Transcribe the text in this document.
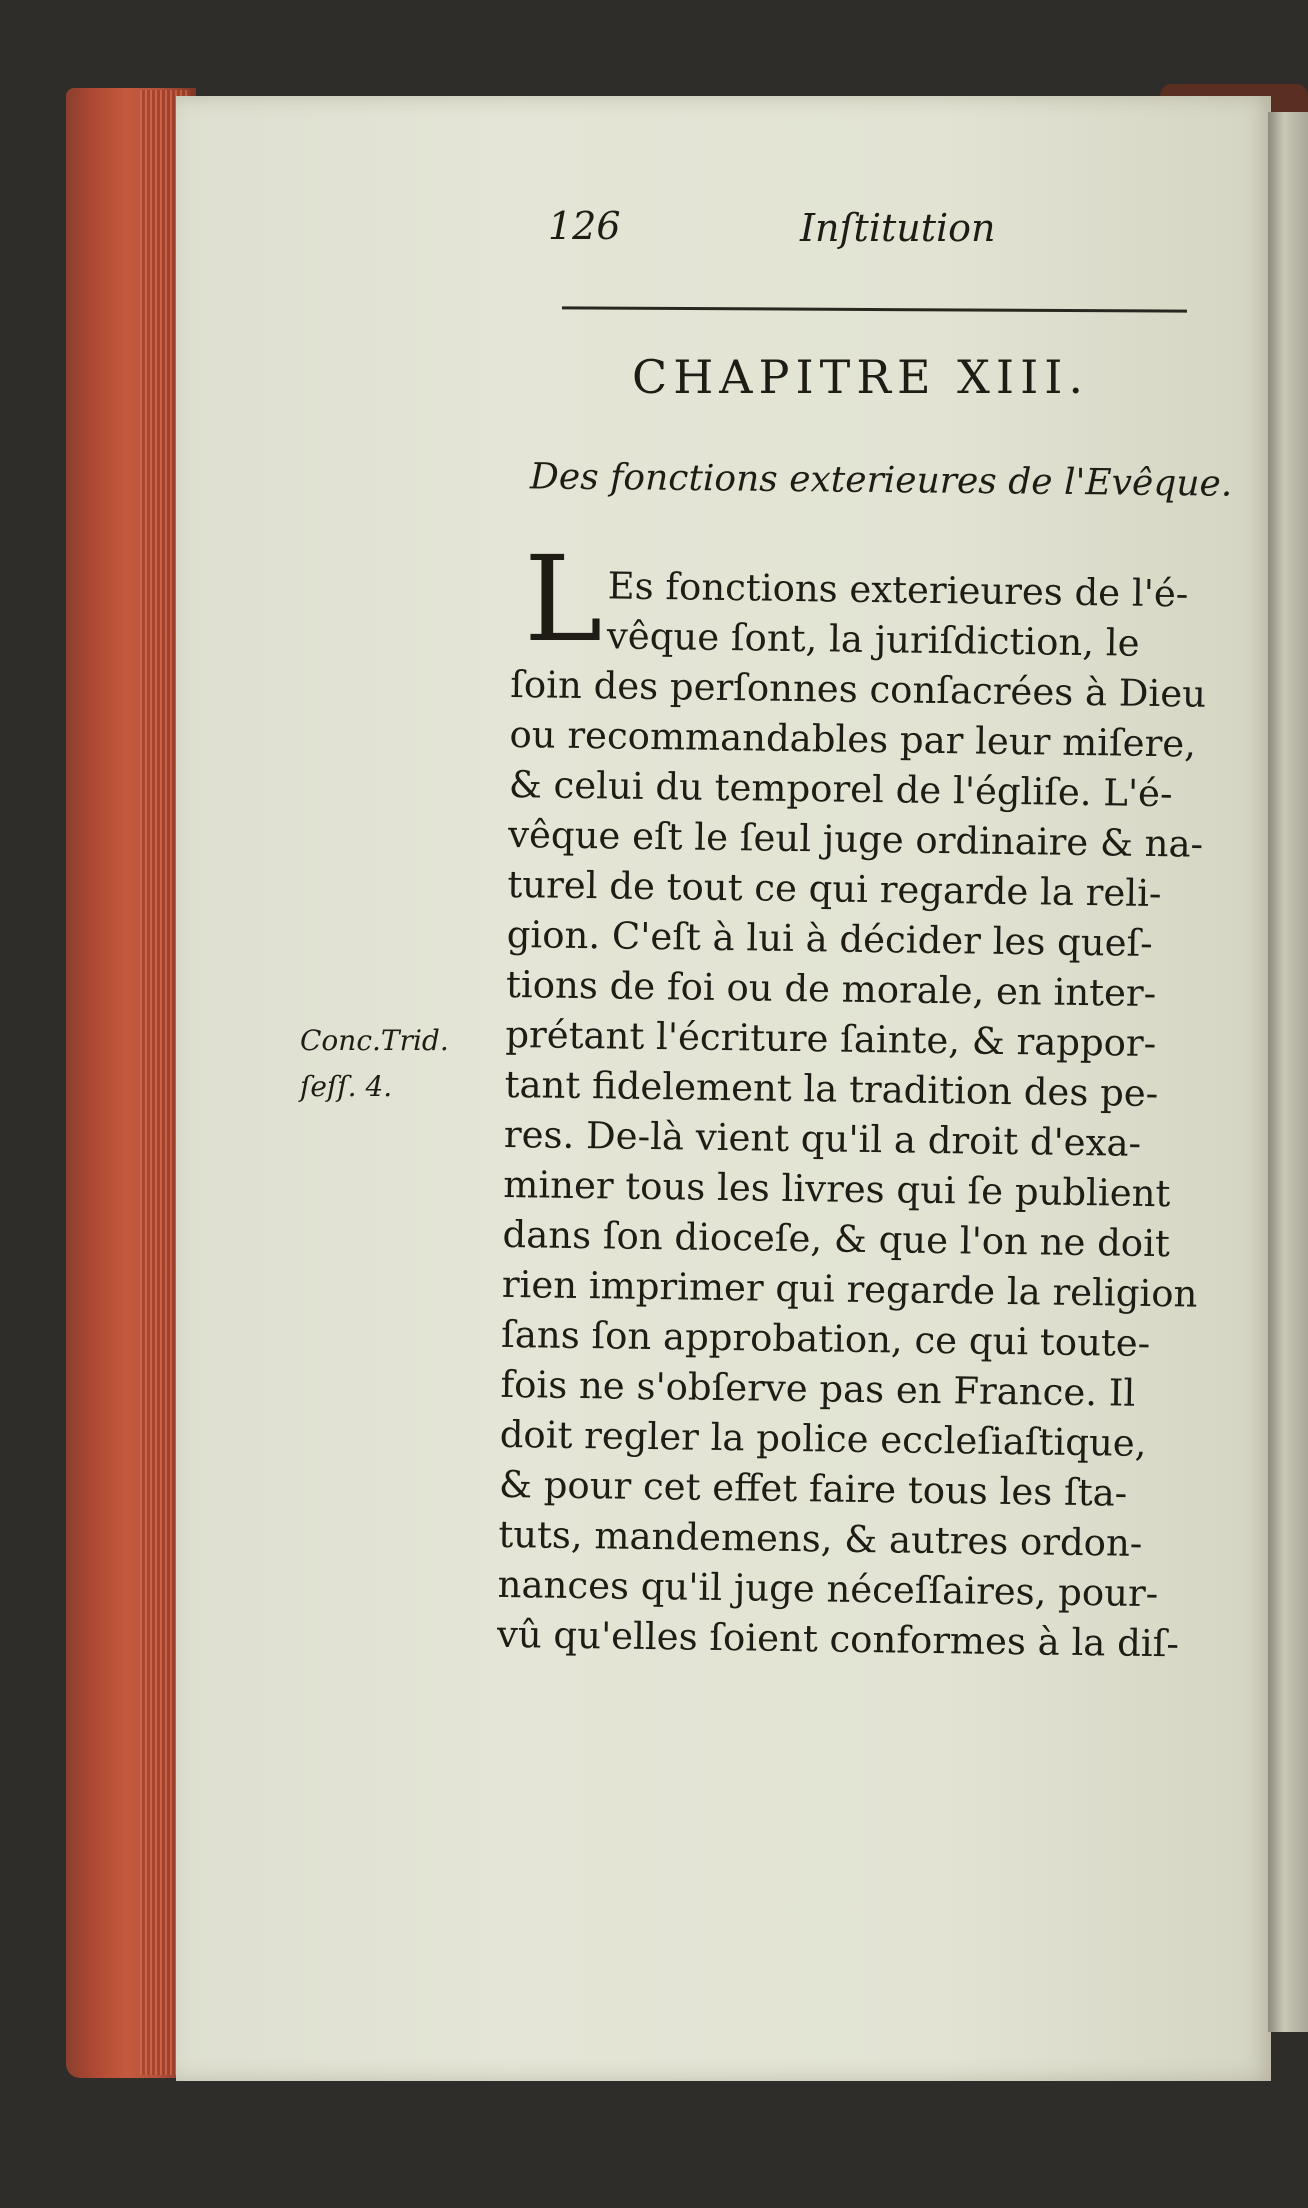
126	Inſtitution
CHAPITRE XIII.
Des fonctions exterieures de l'Evêque.
L Es fonctions exterieures de l'é-
vêque ſont, la juriſdiction, le
ſoin des perſonnes conſacrées à Dieu
ou recommandables par leur miſere,
& celui du temporel de l'égliſe. L'é-
vêque eſt le ſeul juge ordinaire & na-
turel de tout ce qui regarde la reli-
gion. C'eſt à lui à décider les queſ-
tions de foi ou de morale, en inter-
prétant l'écriture ſainte, & rappor-
tant fidelement la tradition des pe-
res. De-là vient qu'il a droit d'exa-
miner tous les livres qui ſe publient
dans ſon dioceſe, & que l'on ne doit
rien imprimer qui regarde la religion
ſans ſon approbation, ce qui toute-
fois ne s'obſerve pas en France. Il
doit regler la police eccleſiaſtique,
& pour cet effet faire tous les ſta-
tuts, mandemens, & autres ordon-
nances qu'il juge néceſſaires, pour-
vû qu'elles ſoient conformes à la diſ-
Conc.Trid.
ſeſſ. 4.
